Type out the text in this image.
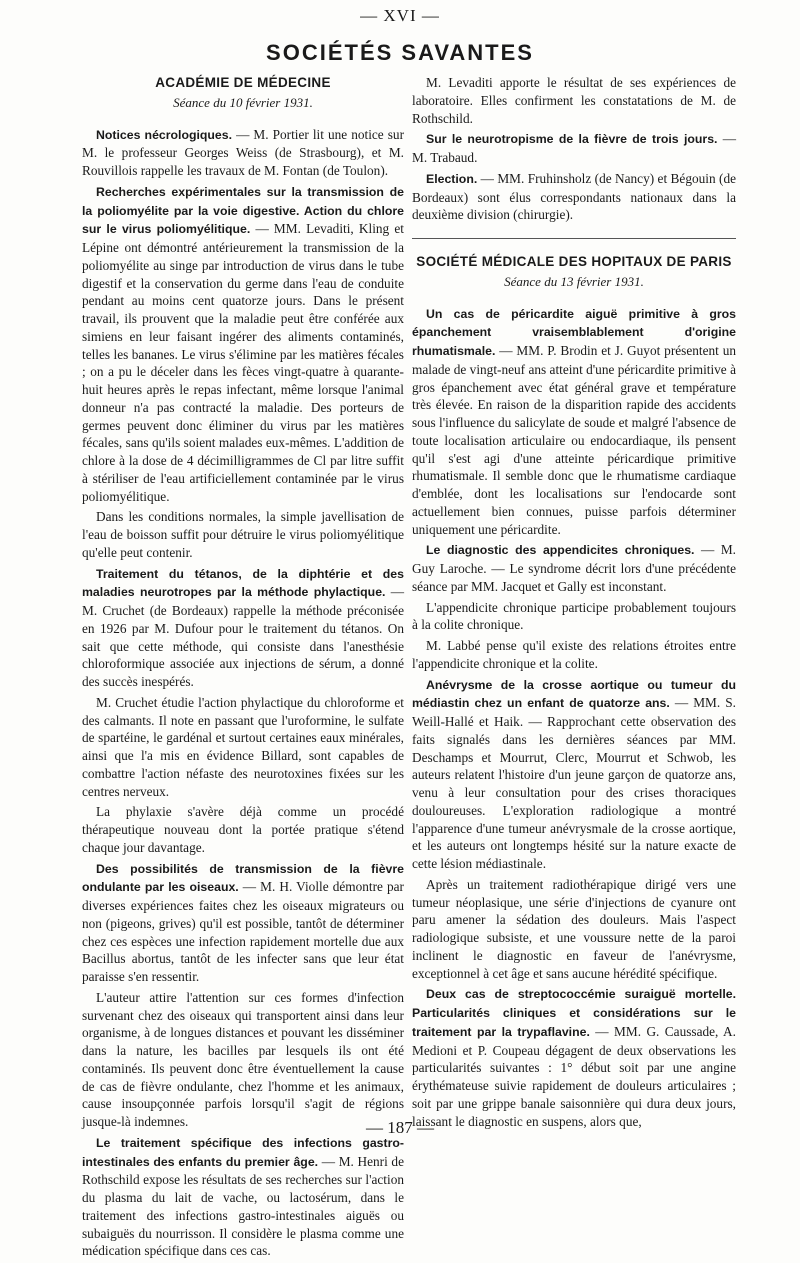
— XVI —
SOCIÉTÉS SAVANTES
ACADÉMIE DE MÉDECINE
Séance du 10 février 1931.

Notices nécrologiques. — M. Portier lit une notice sur M. le professeur Georges Weiss (de Strasbourg), et M. Rouvillois rappelle les travaux de M. Fontan (de Toulon).

Recherches expérimentales sur la transmission de la poliomyélite par la voie digestive. Action du chlore sur le virus poliomyélitique. — MM. Levaditi, Kling et Lépine ont démontré antérieurement la transmission de la poliomyélite au singe par introduction de virus dans le tube digestif et la conservation du germe dans l'eau de conduite pendant au moins cent quatorze jours. Dans le présent travail, ils prouvent que la maladie peut être conférée aux simiens en leur faisant ingérer des aliments contaminés, telles les bananes. Le virus s'élimine par les matières fécales ; on a pu le déceler dans les fèces vingt-quatre à quarante-huit heures après le repas infectant, même lorsque l'animal donneur n'a pas contracté la maladie. Des porteurs de germes peuvent donc éliminer du virus par les matières fécales, sans qu'ils soient malades eux-mêmes. L'addition de chlore à la dose de 4 décimilligrammes de Cl par litre suffit à stériliser de l'eau artificiellement contaminée par le virus poliomyélitique.

Dans les conditions normales, la simple javellisation de l'eau de boisson suffit pour détruire le virus poliomyélitique qu'elle peut contenir.

Traitement du tétanos, de la diphtérie et des maladies neurotropes par la méthode phylactique. — M. Cruchet (de Bordeaux) rappelle la méthode préconisée en 1926 par M. Dufour pour le traitement du tétanos. On sait que cette méthode, qui consiste dans l'anesthésie chloroformique associée aux injections de sérum, a donné des succès inespérés.

M. Cruchet étudie l'action phylactique du chloroforme et des calmants. Il note en passant que l'uroformine, le sulfate de spartéine, le gardénal et surtout certaines eaux minérales, ainsi que l'a mis en évidence Billard, sont capables de combattre l'action néfaste des neurotoxines fixées sur les centres nerveux.

La phylaxie s'avère déjà comme un procédé thérapeutique nouveau dont la portée pratique s'étend chaque jour davantage.

Des possibilités de transmission de la fièvre ondulante par les oiseaux. — M. H. Violle démontre par diverses expériences faites chez les oiseaux migrateurs ou non (pigeons, grives) qu'il est possible, tantôt de déterminer chez ces espèces une infection rapidement mortelle due aux Bacillus abortus, tantôt de les infecter sans que leur état paraisse s'en ressentir.

L'auteur attire l'attention sur ces formes d'infection survenant chez des oiseaux qui transportent ainsi dans leur organisme, à de longues distances et pouvant les disséminer dans la nature, les bacilles par lesquels ils ont été contaminés. Ils peuvent donc être éventuellement la cause de cas de fièvre ondulante, chez l'homme et les animaux, cause insoupçonnée parfois lorsqu'il s'agit de régions jusque-là indemnes.

Le traitement spécifique des infections gastro-intestinales des enfants du premier âge. — M. Henri de Rothschild expose les résultats de ses recherches sur l'action du plasma du lait de vache, ou lactosérum, dans le traitement des infections gastro-intestinales aiguës ou subaiguës du nourrisson. Il considère le plasma comme une médication spécifique dans ces cas.

M. Levaditi apporte le résultat de ses expériences de laboratoire. Elles confirment les constatations de M. de Rothschild.

Sur le neurotropisme de la fièvre de trois jours. — M. Trabaud.

Election. — MM. Fruhinsholz (de Nancy) et Bégouin (de Bordeaux) sont élus correspondants nationaux dans la deuxième division (chirurgie).

SOCIÉTÉ MÉDICALE DES HOPITAUX DE PARIS
Séance du 13 février 1931.

Un cas de péricardite aiguë primitive à gros épanchement vraisemblablement d'origine rhumatismale. — MM. P. Brodin et J. Guyot présentent un malade de vingt-neuf ans atteint d'une péricardite primitive à gros épanchement avec état général grave et température très élevée. En raison de la disparition rapide des accidents sous l'influence du salicylate de soude et malgré l'absence de toute localisation articulaire ou endocardiaque, ils pensent qu'il s'est agi d'une atteinte péricardique primitive rhumatismale. Il semble donc que le rhumatisme cardiaque d'emblée, dont les localisations sur l'endocarde sont actuellement bien connues, puisse parfois déterminer uniquement une péricardite.

Le diagnostic des appendicites chroniques. — M. Guy Laroche. — Le syndrome décrit lors d'une précédente séance par MM. Jacquet et Gally est inconstant.

L'appendicite chronique participe probablement toujours à la colite chronique.

M. Labbé pense qu'il existe des relations étroites entre l'appendicite chronique et la colite.

Anévrysme de la crosse aortique ou tumeur du médiastin chez un enfant de quatorze ans. — MM. S. Weill-Hallé et Haik. — Rapprochant cette observation des faits signalés dans les dernières séances par MM. Deschamps et Mourrut, Clerc, Mourrut et Schwob, les auteurs relatent l'histoire d'un jeune garçon de quatorze ans, venu à leur consultation pour des crises thoraciques douloureuses. L'exploration radiologique a montré l'apparence d'une tumeur anévrysmale de la crosse aortique, et les auteurs ont longtemps hésité sur la nature exacte de cette lésion médiastinale.

Après un traitement radiothérapique dirigé vers une tumeur néoplasique, une série d'injections de cyanure ont paru amener la sédation des douleurs. Mais l'aspect radiologique subsiste, et une voussure nette de la paroi inclinent le diagnostic en faveur de l'anévrysme, exceptionnel à cet âge et sans aucune hérédité spécifique.

Deux cas de streptococcémie suraiguë mortelle. Particularités cliniques et considérations sur le traitement par la trypaflavine. — MM. G. Caussade, A. Medioni et P. Coupeau dégagent de deux observations les particularités suivantes : 1° début soit par une angine érythémateuse suivie rapidement de douleurs articulaires ; soit par une grippe banale saisonnière qui dura deux jours, laissant le diagnostic en suspens, alors que,

— 187 —
